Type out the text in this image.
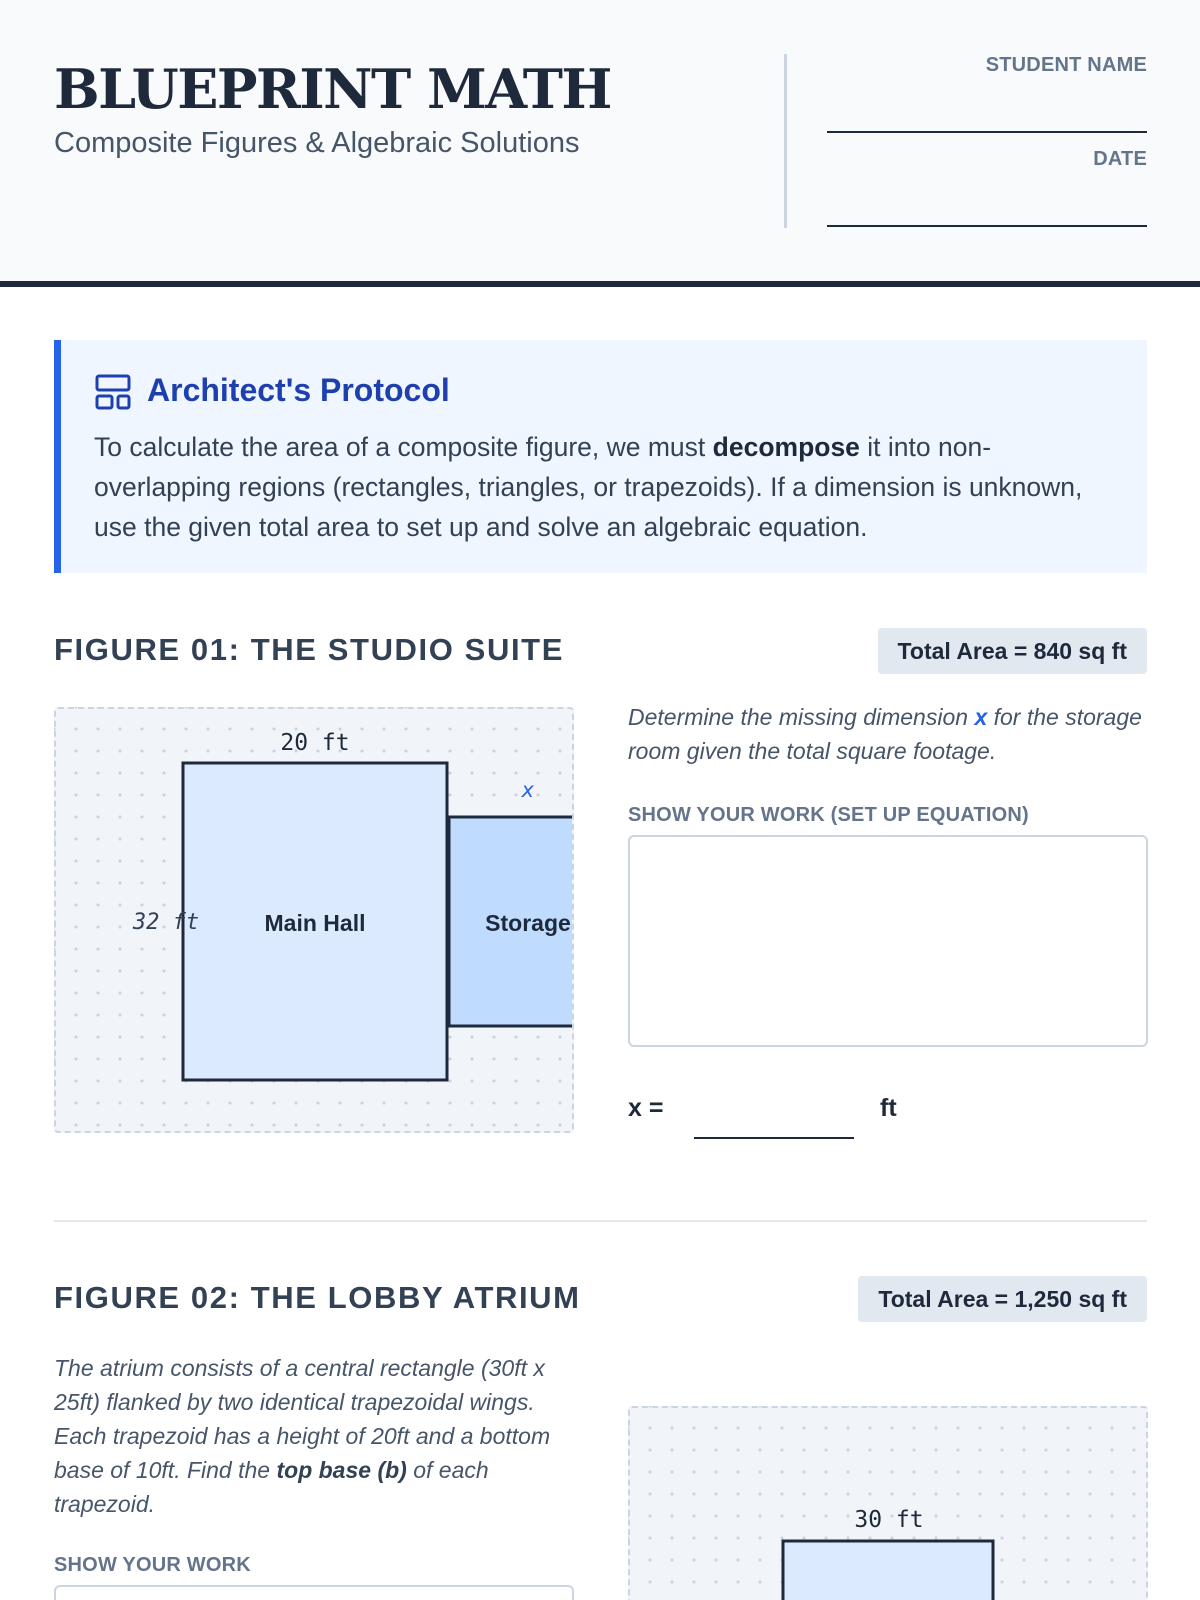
BLUEPRINT MATH
Composite Figures & Algebraic Solutions
STUDENT NAME
DATE
Architect's Protocol
To calculate the area of a composite figure, we must decompose it into non-overlapping regions (rectangles, triangles, or trapezoids). If a dimension is unknown, use the given total area to set up and solve an algebraic equation.
FIGURE 01: THE STUDIO SUITE	Total Area = 840 sq ft
20 ft
32 ft
x
Main Hall	Storage
Determine the missing dimension x for the storage room given the total square footage.
SHOW YOUR WORK (SET UP EQUATION)
x =	ft
FIGURE 02: THE LOBBY ATRIUM	Total Area = 1,250 sq ft
The atrium consists of a central rectangle (30ft x 25ft) flanked by two identical trapezoidal wings. Each trapezoid has a height of 20ft and a bottom base of 10ft. Find the top base (b) of each trapezoid.
SHOW YOUR WORK
30 ft
